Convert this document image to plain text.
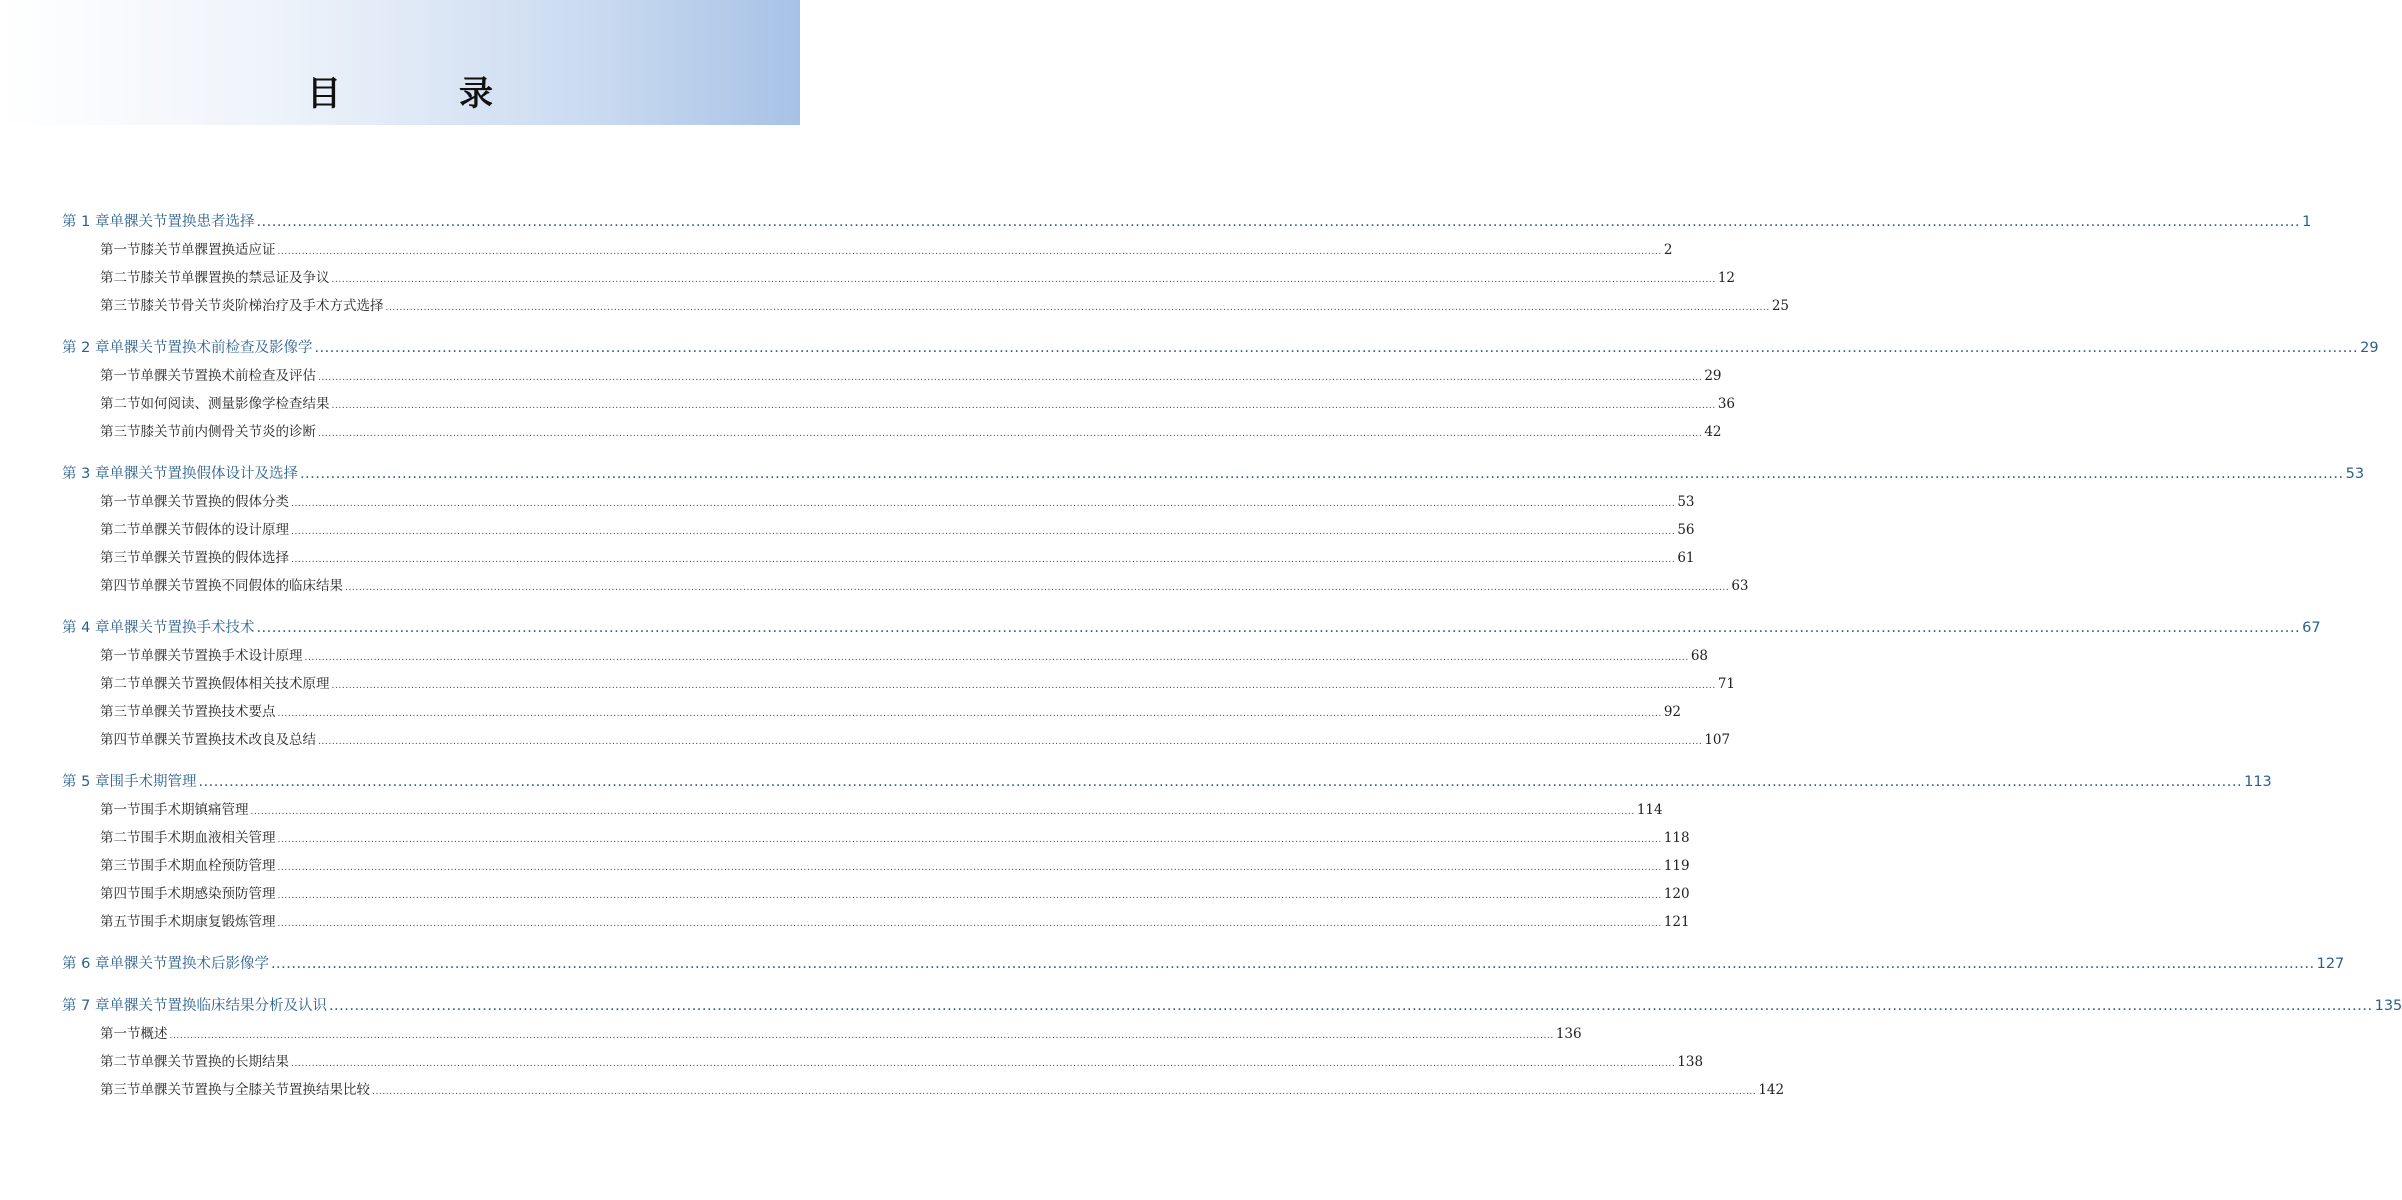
目　录
第 1 章 单髁关节置换患者选择 ................................................................................................................................................................................................................................................................................................................................................................................................................ 1
第一节 膝关节单髁置换适应证 ................................................................................................................................................................................................................................................................................................................................................................................................................ 2
第二节 膝关节单髁置换的禁忌证及争议 ................................................................................................................................................................................................................................................................................................................................................................................................................ 12
第三节 膝关节骨关节炎阶梯治疗及手术方式选择 ................................................................................................................................................................................................................................................................................................................................................................................................................ 25
第 2 章 单髁关节置换术前检查及影像学 ................................................................................................................................................................................................................................................................................................................................................................................................................ 29
第一节 单髁关节置换术前检查及评估 ................................................................................................................................................................................................................................................................................................................................................................................................................ 29
第二节 如何阅读、测量影像学检查结果 ................................................................................................................................................................................................................................................................................................................................................................................................................ 36
第三节 膝关节前内侧骨关节炎的诊断 ................................................................................................................................................................................................................................................................................................................................................................................................................ 42
第 3 章 单髁关节置换假体设计及选择 ................................................................................................................................................................................................................................................................................................................................................................................................................ 53
第一节 单髁关节置换的假体分类 ................................................................................................................................................................................................................................................................................................................................................................................................................ 53
第二节 单髁关节假体的设计原理 ................................................................................................................................................................................................................................................................................................................................................................................................................ 56
第三节 单髁关节置换的假体选择 ................................................................................................................................................................................................................................................................................................................................................................................................................ 61
第四节 单髁关节置换不同假体的临床结果 ................................................................................................................................................................................................................................................................................................................................................................................................................ 63
第 4 章 单髁关节置换手术技术 ................................................................................................................................................................................................................................................................................................................................................................................................................ 67
第一节 单髁关节置换手术设计原理 ................................................................................................................................................................................................................................................................................................................................................................................................................ 68
第二节 单髁关节置换假体相关技术原理 ................................................................................................................................................................................................................................................................................................................................................................................................................ 71
第三节 单髁关节置换技术要点 ................................................................................................................................................................................................................................................................................................................................................................................................................ 92
第四节 单髁关节置换技术改良及总结 ................................................................................................................................................................................................................................................................................................................................................................................................................ 107
第 5 章 围手术期管理 ................................................................................................................................................................................................................................................................................................................................................................................................................ 113
第一节 围手术期镇痛管理 ................................................................................................................................................................................................................................................................................................................................................................................................................ 114
第二节 围手术期血液相关管理 ................................................................................................................................................................................................................................................................................................................................................................................................................ 118
第三节 围手术期血栓预防管理 ................................................................................................................................................................................................................................................................................................................................................................................................................ 119
第四节 围手术期感染预防管理 ................................................................................................................................................................................................................................................................................................................................................................................................................ 120
第五节 围手术期康复锻炼管理 ................................................................................................................................................................................................................................................................................................................................................................................................................ 121
第 6 章 单髁关节置换术后影像学 ................................................................................................................................................................................................................................................................................................................................................................................................................ 127
第 7 章 单髁关节置换临床结果分析及认识 ................................................................................................................................................................................................................................................................................................................................................................................................................ 135
第一节 概述 ................................................................................................................................................................................................................................................................................................................................................................................................................ 136
第二节 单髁关节置换的长期结果 ................................................................................................................................................................................................................................................................................................................................................................................................................ 138
第三节 单髁关节置换与全膝关节置换结果比较 ................................................................................................................................................................................................................................................................................................................................................................................................................ 142
